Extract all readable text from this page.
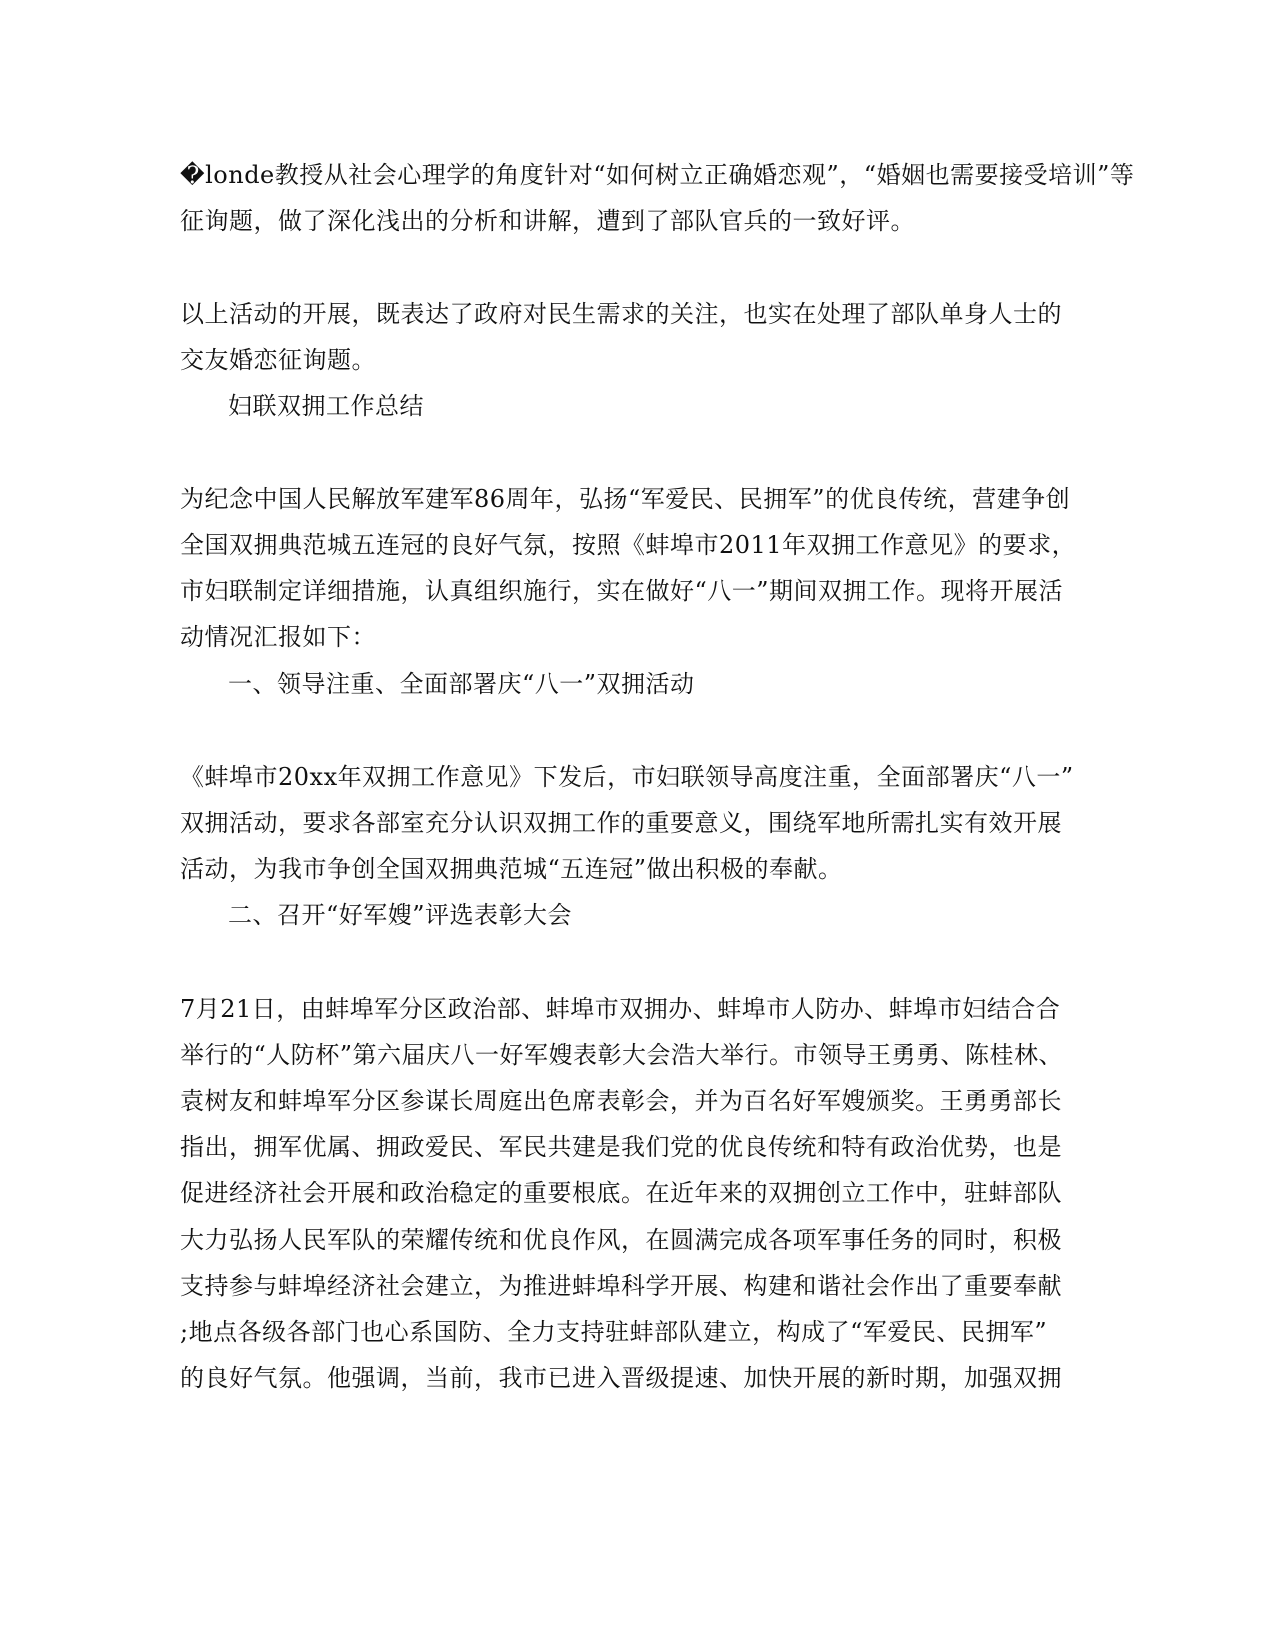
�londe教授从社会心理学的角度针对“如何树立正确婚恋观”，“婚姻也需要接受培训”等
征询题，做了深化浅出的分析和讲解，遭到了部队官兵的一致好评。
以上活动的开展，既表达了政府对民生需求的关注，也实在处理了部队单身人士的
交友婚恋征询题。
妇联双拥工作总结
为纪念中国人民解放军建军86周年，弘扬“军爱民、民拥军”的优良传统，营建争创
全国双拥典范城五连冠的良好气氛，按照《蚌埠市2011年双拥工作意见》的要求，
市妇联制定详细措施，认真组织施行，实在做好“八一”期间双拥工作。现将开展活
动情况汇报如下：
一、领导注重、全面部署庆“八一”双拥活动
《蚌埠市20xx年双拥工作意见》下发后，市妇联领导高度注重，全面部署庆“八一”
双拥活动，要求各部室充分认识双拥工作的重要意义，围绕军地所需扎实有效开展
活动，为我市争创全国双拥典范城“五连冠”做出积极的奉献。
二、召开“好军嫂”评选表彰大会
7月21日，由蚌埠军分区政治部、蚌埠市双拥办、蚌埠市人防办、蚌埠市妇结合合
举行的“人防杯”第六届庆八一好军嫂表彰大会浩大举行。市领导王勇勇、陈桂林、
袁树友和蚌埠军分区参谋长周庭出色席表彰会，并为百名好军嫂颁奖。王勇勇部长
指出，拥军优属、拥政爱民、军民共建是我们党的优良传统和特有政治优势，也是
促进经济社会开展和政治稳定的重要根底。在近年来的双拥创立工作中，驻蚌部队
大力弘扬人民军队的荣耀传统和优良作风，在圆满完成各项军事任务的同时，积极
支持参与蚌埠经济社会建立，为推进蚌埠科学开展、构建和谐社会作出了重要奉献
;地点各级各部门也心系国防、全力支持驻蚌部队建立，构成了“军爱民、民拥军”
的良好气氛。他强调，当前，我市已进入晋级提速、加快开展的新时期，加强双拥
